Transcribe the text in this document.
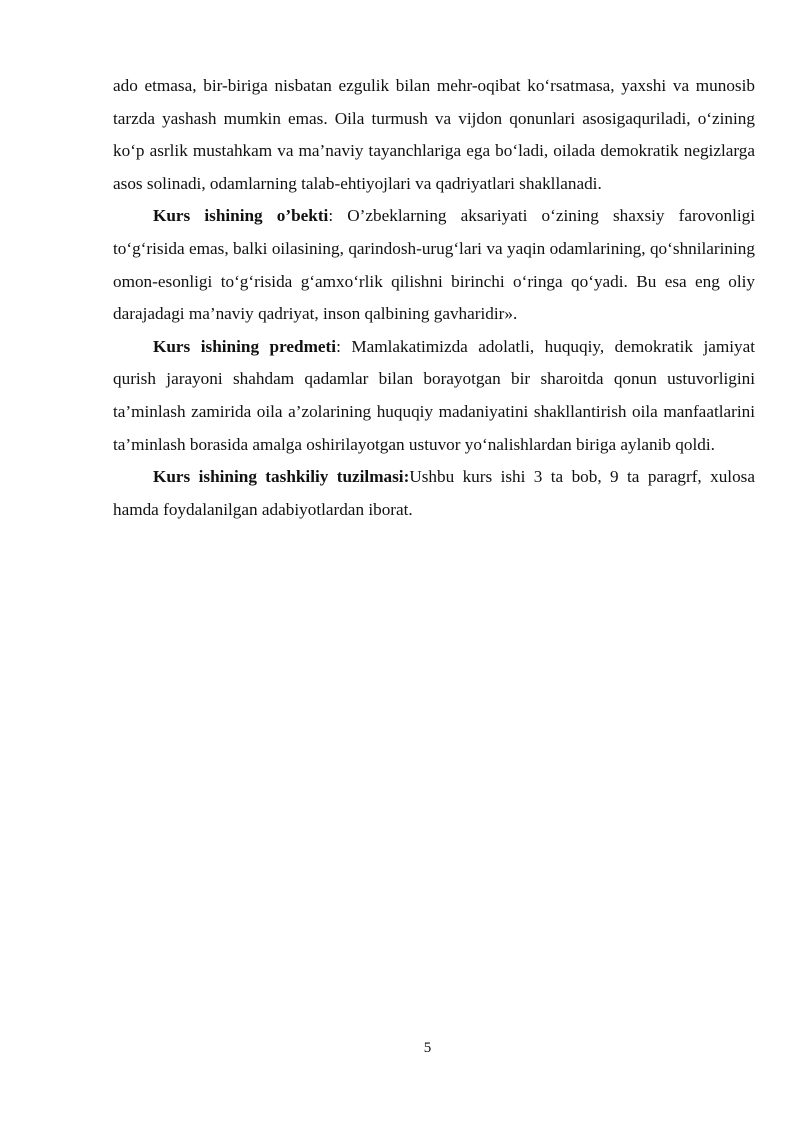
ado etmasa, bir-biriga nisbatan ezgulik bilan mehr-oqibat ko‘rsatmasa, yaxshi va munosib tarzda yashash mumkin emas. Oila turmush va vijdon qonunlari asosigaquriladi, o‘zining ko‘p asrlik mustahkam va ma’naviy tayanchlariga ega bo‘ladi, oilada demokratik negizlarga asos solinadi, odamlarning talab-ehtiyojlari va qadriyatlari shakllanadi.

Kurs ishining o’bekti: O’zbeklarning aksariyati o‘zining shaxsiy farovonligi to‘g‘risida emas, balki oilasining, qarindosh-urug‘lari va yaqin odamlarining, qo‘shnilarining omon-esonligi to‘g‘risida g‘amxo‘rlik qilishni birinchi o‘ringa qo‘yadi. Bu esa eng oliy darajadagi ma’naviy qadriyat, inson qalbining gavharidir».

Kurs ishining predmeti: Mamlakatimizda adolatli, huquqiy, demokratik jamiyat qurish jarayoni shahdam qadamlar bilan borayotgan bir sharoitda qonun ustuvorligini ta’minlash zamirida oila a’zolarining huquqiy madaniyatini shakllantirish oila manfaatlarini ta’minlash borasida amalga oshirilayotgan ustuvor yo‘nalishlardan biriga aylanib qoldi.

Kurs ishining tashkiliy tuzilmasi:Ushbu kurs ishi 3 ta bob, 9 ta paragrf, xulosa hamda foydalanilgan adabiyotlardan iborat.

5
